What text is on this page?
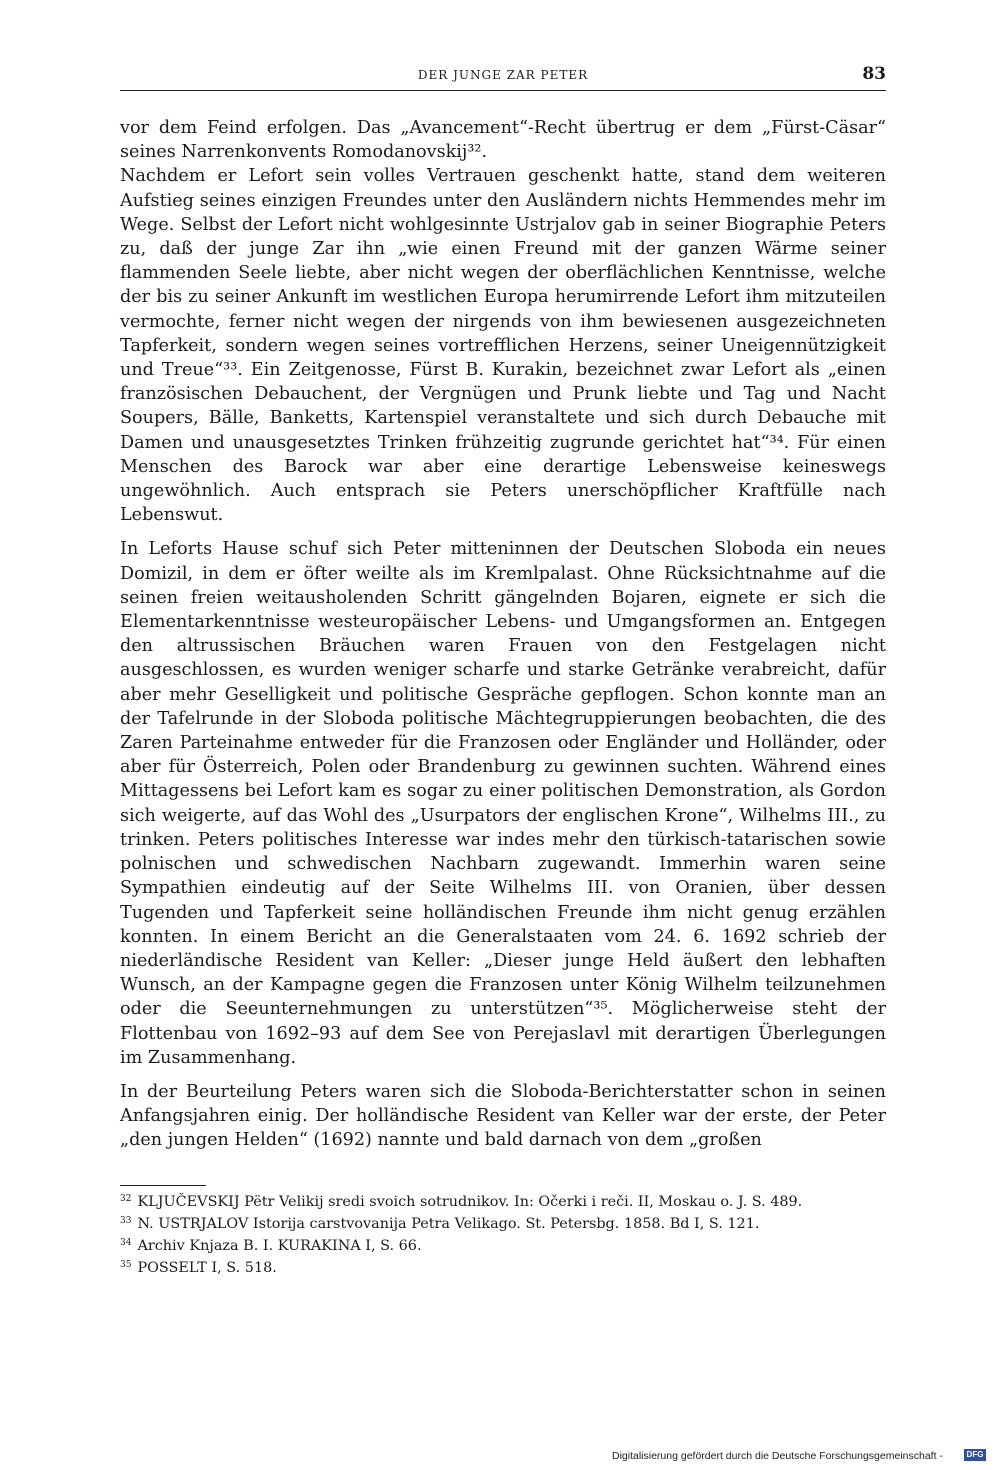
DER JUNGE ZAR PETER	83

vor dem Feind erfolgen. Das „Avancement“-Recht übertrug er dem „Fürst-Cäsar“ seines Narrenkonvents Romodanovskij³².

Nachdem er Lefort sein volles Vertrauen geschenkt hatte, stand dem weiteren Aufstieg seines einzigen Freundes unter den Ausländern nichts Hemmendes mehr im Wege. Selbst der Lefort nicht wohlgesinnte Ustrjalov gab in seiner Biographie Peters zu, daß der junge Zar ihn „wie einen Freund mit der ganzen Wärme seiner flammenden Seele liebte, aber nicht wegen der oberflächlichen Kenntnisse, welche der bis zu seiner Ankunft im westlichen Europa herumirrende Lefort ihm mitzuteilen vermochte, ferner nicht wegen der nirgends von ihm bewiesenen ausgezeichneten Tapferkeit, sondern wegen seines vortrefflichen Herzens, seiner Uneigennützigkeit und Treue“³³. Ein Zeitgenosse, Fürst B. Kurakin, bezeichnet zwar Lefort als „einen französischen Debauchent, der Vergnügen und Prunk liebte und Tag und Nacht Soupers, Bälle, Banketts, Kartenspiel veranstaltete und sich durch Debauche mit Damen und unausgesetztes Trinken frühzeitig zugrunde gerichtet hat“³⁴. Für einen Menschen des Barock war aber eine derartige Lebensweise keineswegs ungewöhnlich. Auch entsprach sie Peters unerschöpflicher Kraftfülle nach Lebenswut.

In Leforts Hause schuf sich Peter mitteninnen der Deutschen Sloboda ein neues Domizil, in dem er öfter weilte als im Kremlpalast. Ohne Rücksichtnahme auf die seinen freien weitausholenden Schritt gängelnden Bojaren, eignete er sich die Elementarkenntnisse westeuropäischer Lebens- und Umgangsformen an. Entgegen den altrussischen Bräuchen waren Frauen von den Festgelagen nicht ausgeschlossen, es wurden weniger scharfe und starke Getränke verabreicht, dafür aber mehr Geselligkeit und politische Gespräche gepflogen. Schon konnte man an der Tafelrunde in der Sloboda politische Mächtegruppierungen beobachten, die des Zaren Parteinahme entweder für die Franzosen oder Engländer und Holländer, oder aber für Österreich, Polen oder Brandenburg zu gewinnen suchten. Während eines Mittagessens bei Lefort kam es sogar zu einer politischen Demonstration, als Gordon sich weigerte, auf das Wohl des „Usurpators der englischen Krone“, Wilhelms III., zu trinken. Peters politisches Interesse war indes mehr den türkisch-tatarischen sowie polnischen und schwedischen Nachbarn zugewandt. Immerhin waren seine Sympathien eindeutig auf der Seite Wilhelms III. von Oranien, über dessen Tugenden und Tapferkeit seine holländischen Freunde ihm nicht genug erzählen konnten. In einem Bericht an die Generalstaaten vom 24. 6. 1692 schrieb der niederländische Resident van Keller: „Dieser junge Held äußert den lebhaften Wunsch, an der Kampagne gegen die Franzosen unter König Wilhelm teilzunehmen oder die Seeunternehmungen zu unterstützen“³⁵. Möglicherweise steht der Flottenbau von 1692–93 auf dem See von Perejaslavl mit derartigen Überlegungen im Zusammenhang.

In der Beurteilung Peters waren sich die Sloboda-Berichterstatter schon in seinen Anfangsjahren einig. Der holländische Resident van Keller war der erste, der Peter „den jungen Helden“ (1692) nannte und bald darnach von dem „großen

$^{32}$ KLJUČEVSKIJ Pëtr Velikij sredi svoich sotrudnikov. In: Očerki i reči. II, Moskau o. J. S. 489.

$^{33}$ N. USTRJALOV Istorija carstvovanija Petra Velikago. St. Petersbg. 1858. Bd I, S. 121.

$^{34}$ Archiv Knjaza B. I. KURAKINA I, S. 66.

$^{35}$ POSSELT I, S. 518.

Digitalisierung gefördert durch die Deutsche Forschungsgemeinschaft -	DFG
